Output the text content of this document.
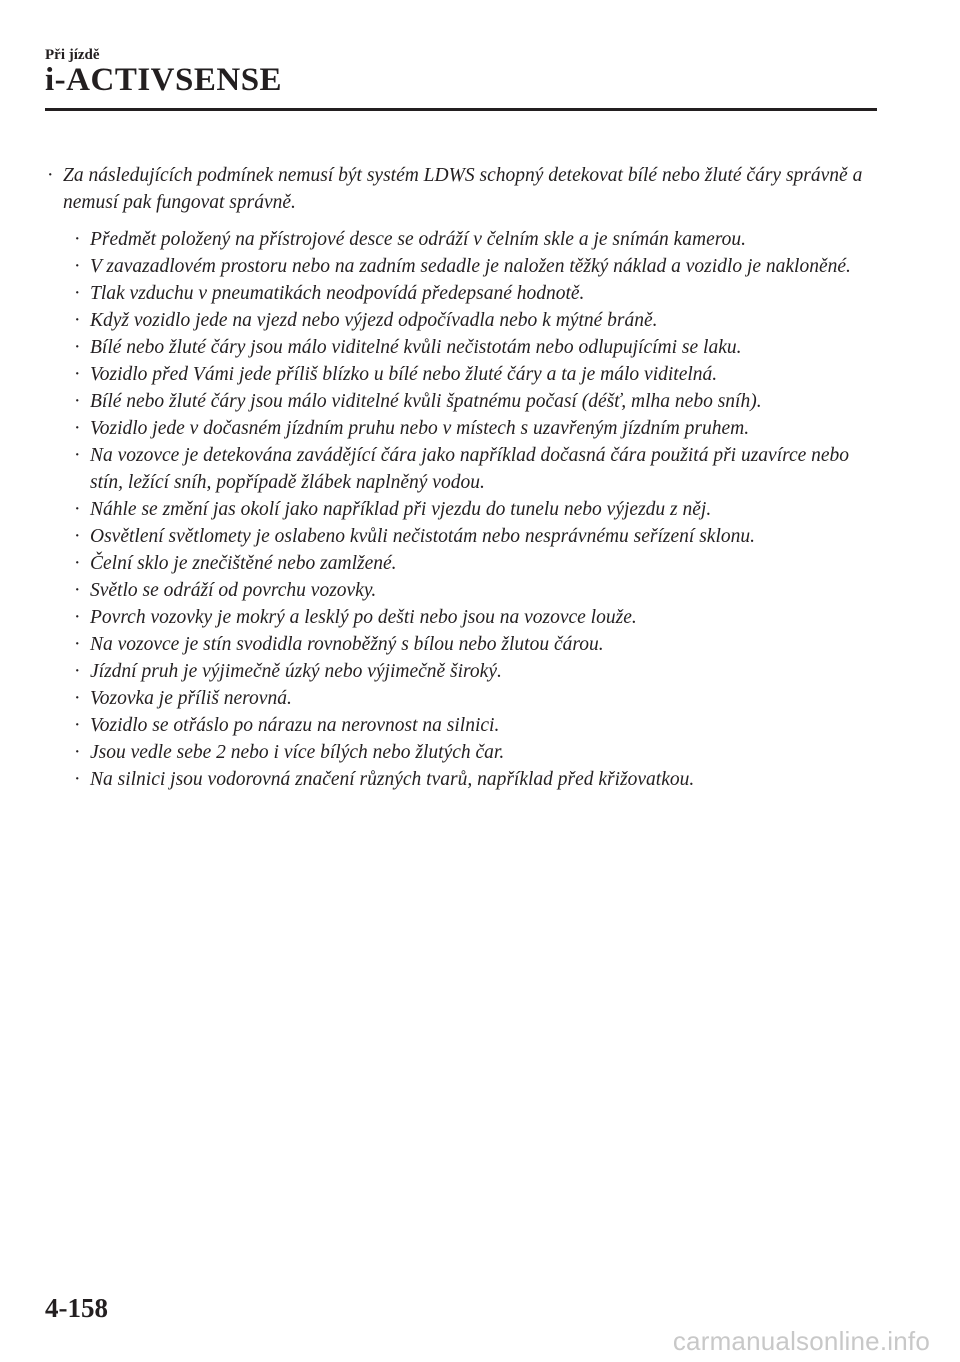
Při jízdě
i-ACTIVSENSE
· Za následujících podmínek nemusí být systém LDWS schopný detekovat bílé nebo žluté čáry správně a nemusí pak fungovat správně.
· Předmět položený na přístrojové desce se odráží v čelním skle a je snímán kamerou.
· V zavazadlovém prostoru nebo na zadním sedadle je naložen těžký náklad a vozidlo je nakloněné.
· Tlak vzduchu v pneumatikách neodpovídá předepsané hodnotě.
· Když vozidlo jede na vjezd nebo výjezd odpočívadla nebo k mýtné bráně.
· Bílé nebo žluté čáry jsou málo viditelné kvůli nečistotám nebo odlupujícími se laku.
· Vozidlo před Vámi jede příliš blízko u bílé nebo žluté čáry a ta je málo viditelná.
· Bílé nebo žluté čáry jsou málo viditelné kvůli špatnému počasí (déšť, mlha nebo sníh).
· Vozidlo jede v dočasném jízdním pruhu nebo v místech s uzavřeným jízdním pruhem.
· Na vozovce je detekována zavádějící čára jako například dočasná čára použitá při uzavírce nebo stín, ležící sníh, popřípadě žlábek naplněný vodou.
· Náhle se změní jas okolí jako například při vjezdu do tunelu nebo výjezdu z něj.
· Osvětlení světlomety je oslabeno kvůli nečistotám nebo nesprávnému seřízení sklonu.
· Čelní sklo je znečištěné nebo zamlžené.
· Světlo se odráží od povrchu vozovky.
· Povrch vozovky je mokrý a lesklý po dešti nebo jsou na vozovce louže.
· Na vozovce je stín svodidla rovnoběžný s bílou nebo žlutou čárou.
· Jízdní pruh je výjimečně úzký nebo výjimečně široký.
· Vozovka je příliš nerovná.
· Vozidlo se otřáslo po nárazu na nerovnost na silnici.
· Jsou vedle sebe 2 nebo i více bílých nebo žlutých čar.
· Na silnici jsou vodorovná značení různých tvarů, například před křižovatkou.
4-158
carmanualsonline.info
